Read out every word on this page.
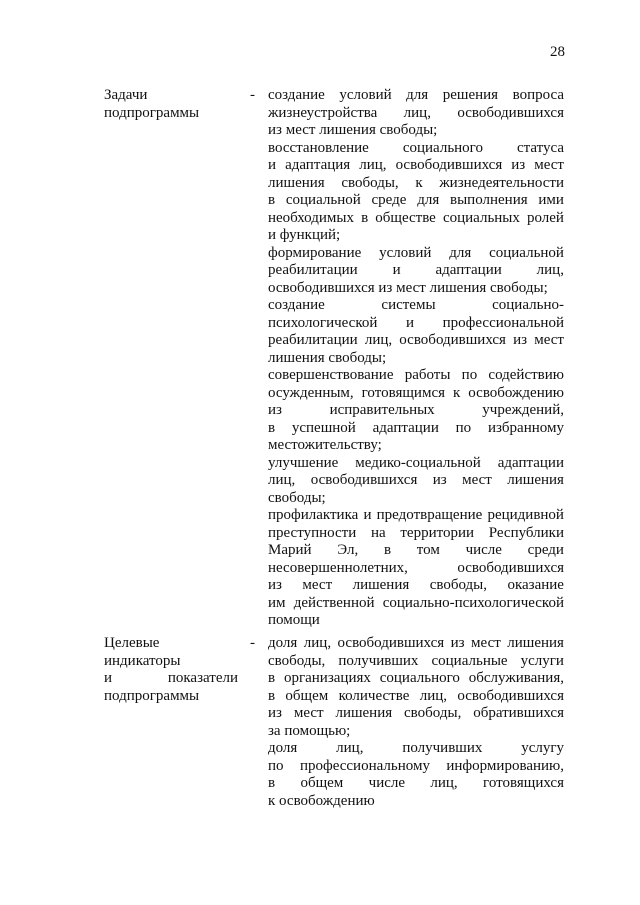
28
Задачи
подпрограммы
- создание условий для решения вопроса
жизнеустройства лиц, освободившихся
из мест лишения свободы;
восстановление социального статуса
и адаптация лиц, освободившихся из мест
лишения свободы, к жизнедеятельности
в социальной среде для выполнения ими
необходимых в обществе социальных ролей
и функций;
формирование условий для социальной
реабилитации и адаптации лиц,
освободившихся из мест лишения свободы;
создание	системы	социально-
психологической и профессиональной
реабилитации лиц, освободившихся из мест
лишения свободы;
совершенствование работы по содействию
осужденным, готовящимся к освобождению
из	исправительных	учреждений,
в успешной адаптации по избранному
местожительству;
улучшение медико-социальной адаптации
лиц, освободившихся из мест лишения
свободы;
профилактика и предотвращение рецидивной
преступности на территории Республики
Марий Эл, в том числе среди
несовершеннолетних,	освободившихся
из мест лишения свободы, оказание
им действенной социально-психологической
помощи
Целевые
индикаторы
и	показатели
подпрограммы
- доля лиц, освободившихся из мест лишения
свободы, получивших социальные услуги
в организациях социального обслуживания,
в общем количестве лиц, освободившихся
из мест лишения свободы, обратившихся
за помощью;
доля	лиц,	получивших	услугу
по профессиональному информированию,
в общем числе лиц, готовящихся
к освобождению
